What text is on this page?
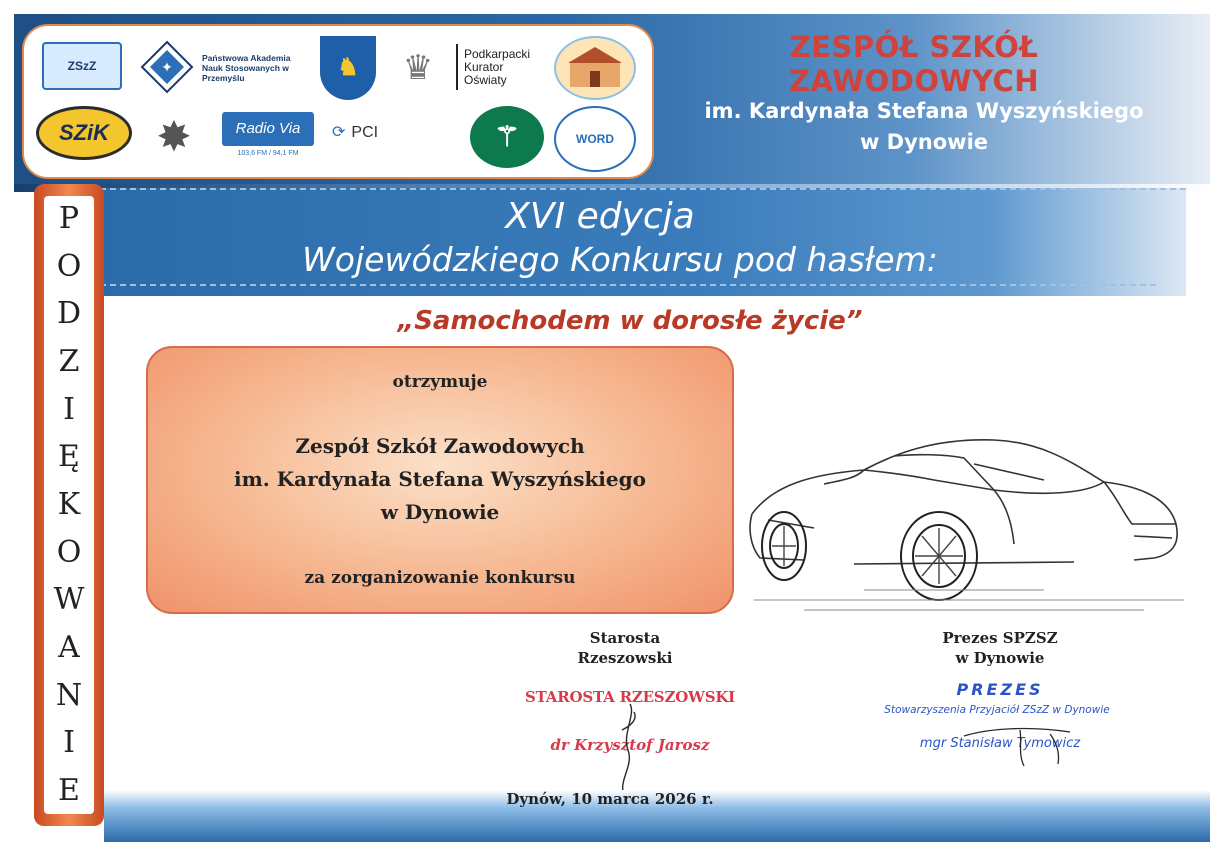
ZSzZ	✦
Państwowa Akademia Nauk Stosowanych w Przemyślu	♞	♛	Podkarpacki Kurator Oświaty
SZiK	✸	Radio Via
103,6 FM / 94,1 FM
⟳ PCI	⚚	WORD
ZESPÓŁ SZKÓŁ ZAWODOWYCH
im. Kardynała Stefana Wyszyńskiego
w Dynowie
XVI edycja
Wojewódzkiego Konkursu pod hasłem:
P
O
D
Z
I
Ę
K
O
W
A
N
I
E
„Samochodem w dorosłe życie”
otrzymuje
Zespół Szkół Zawodowych
im. Kardynała Stefana Wyszyńskiego
w Dynowie
za zorganizowanie konkursu
Starosta
Rzeszowski
STAROSTA RZESZOWSKI
dr Krzysztof Jarosz
Prezes SPZSZ
w Dynowie
PREZES
Stowarzyszenia Przyjaciół ZSzZ w Dynowie
mgr Stanisław Tymowicz
Dynów, 10 marca 2026 r.
